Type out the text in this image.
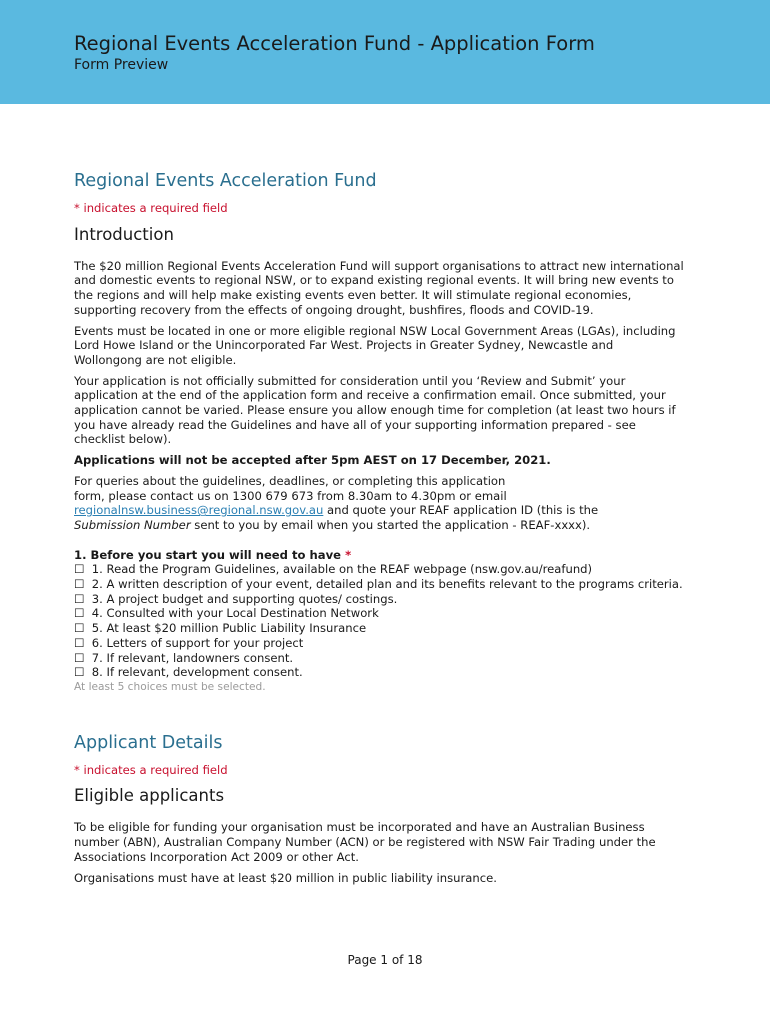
Regional Events Acceleration Fund - Application Form
Form Preview
Regional Events Acceleration Fund
* indicates a required field
Introduction

The $20 million Regional Events Acceleration Fund will support organisations to attract new international and domestic events to regional NSW, or to expand existing regional events. It will bring new events to the regions and will help make existing events even better. It will stimulate regional economies, supporting recovery from the effects of ongoing drought, bushfires, floods and COVID-19.

Events must be located in one or more eligible regional NSW Local Government Areas (LGAs), including Lord Howe Island or the Unincorporated Far West. Projects in Greater Sydney, Newcastle and Wollongong are not eligible.

Your application is not officially submitted for consideration until you ‘Review and Submit’ your application at the end of the application form and receive a confirmation email. Once submitted, your application cannot be varied. Please ensure you allow enough time for completion (at least two hours if you have already read the Guidelines and have all of your supporting information prepared - see checklist below).

Applications will not be accepted after 5pm AEST on 17 December, 2021.

For queries about the guidelines, deadlines, or completing this application
form, please contact us on 1300 679 673 from 8.30am to 4.30pm or email
regionalnsw.business@regional.nsw.gov.au and quote your REAF application ID (this is the
Submission Number sent to you by email when you started the application - REAF-xxxx).

1. Before you start you will need to have *
☐ 1. Read the Program Guidelines, available on the REAF webpage (nsw.gov.au/reafund)
☐ 2. A written description of your event, detailed plan and its benefits relevant to the programs criteria.
☐ 3. A project budget and supporting quotes/ costings.
☐ 4. Consulted with your Local Destination Network
☐ 5. At least $20 million Public Liability Insurance
☐ 6. Letters of support for your project
☐ 7. If relevant, landowners consent.
☐ 8. If relevant, development consent.
At least 5 choices must be selected.
Applicant Details
* indicates a required field
Eligible applicants

To be eligible for funding your organisation must be incorporated and have an Australian Business number (ABN), Australian Company Number (ACN) or be registered with NSW Fair Trading under the Associations Incorporation Act 2009 or other Act.

Organisations must have at least $20 million in public liability insurance.

Page 1 of 18
